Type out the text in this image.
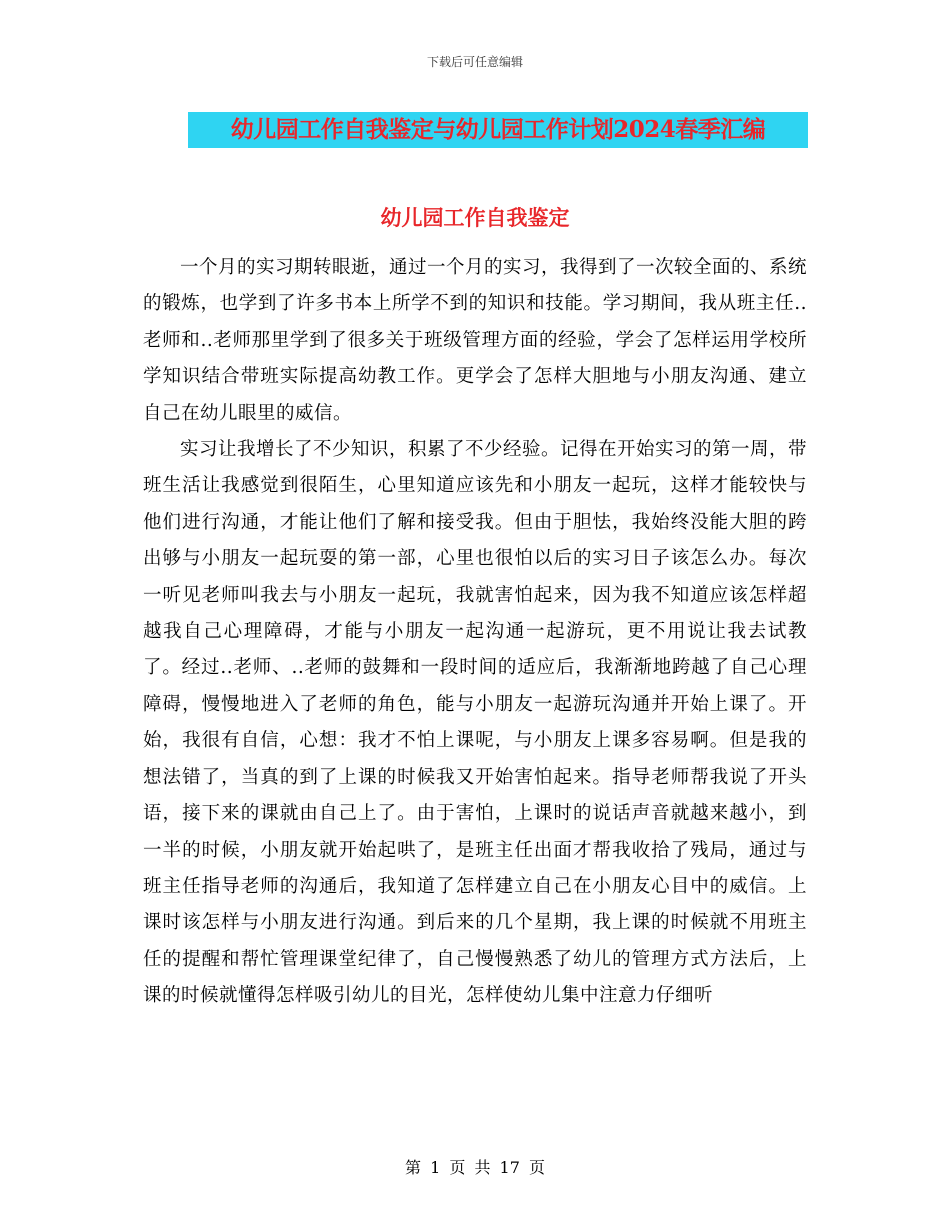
下载后可任意编辑
幼儿园工作自我鉴定与幼儿园工作计划2024春季汇编
幼儿园工作自我鉴定

一个月的实习期转眼逝，通过一个月的实习，我得到了一次较全面的、系统的锻炼，也学到了许多书本上所学不到的知识和技能。学习期间，我从班主任..老师和..老师那里学到了很多关于班级管理方面的经验，学会了怎样运用学校所学知识结合带班实际提高幼教工作。更学会了怎样大胆地与小朋友沟通、建立自己在幼儿眼里的威信。

实习让我增长了不少知识，积累了不少经验。记得在开始实习的第一周，带班生活让我感觉到很陌生，心里知道应该先和小朋友一起玩，这样才能较快与他们进行沟通，才能让他们了解和接受我。但由于胆怯，我始终没能大胆的跨出够与小朋友一起玩耍的第一部，心里也很怕以后的实习日子该怎么办。每次一听见老师叫我去与小朋友一起玩，我就害怕起来，因为我不知道应该怎样超越我自己心理障碍，才能与小朋友一起沟通一起游玩，更不用说让我去试教了。经过..老师、..老师的鼓舞和一段时间的适应后，我渐渐地跨越了自己心理障碍，慢慢地进入了老师的角色，能与小朋友一起游玩沟通并开始上课了。开始，我很有自信，心想：我才不怕上课呢，与小朋友上课多容易啊。但是我的想法错了，当真的到了上课的时候我又开始害怕起来。指导老师帮我说了开头语，接下来的课就由自己上了。由于害怕，上课时的说话声音就越来越小，到一半的时候，小朋友就开始起哄了，是班主任出面才帮我收拾了残局，通过与班主任指导老师的沟通后，我知道了怎样建立自己在小朋友心目中的威信。上课时该怎样与小朋友进行沟通。到后来的几个星期，我上课的时候就不用班主任的提醒和帮忙管理课堂纪律了，自己慢慢熟悉了幼儿的管理方式方法后，上课的时候就懂得怎样吸引幼儿的目光，怎样使幼儿集中注意力仔细听

第 1 页 共 17 页
